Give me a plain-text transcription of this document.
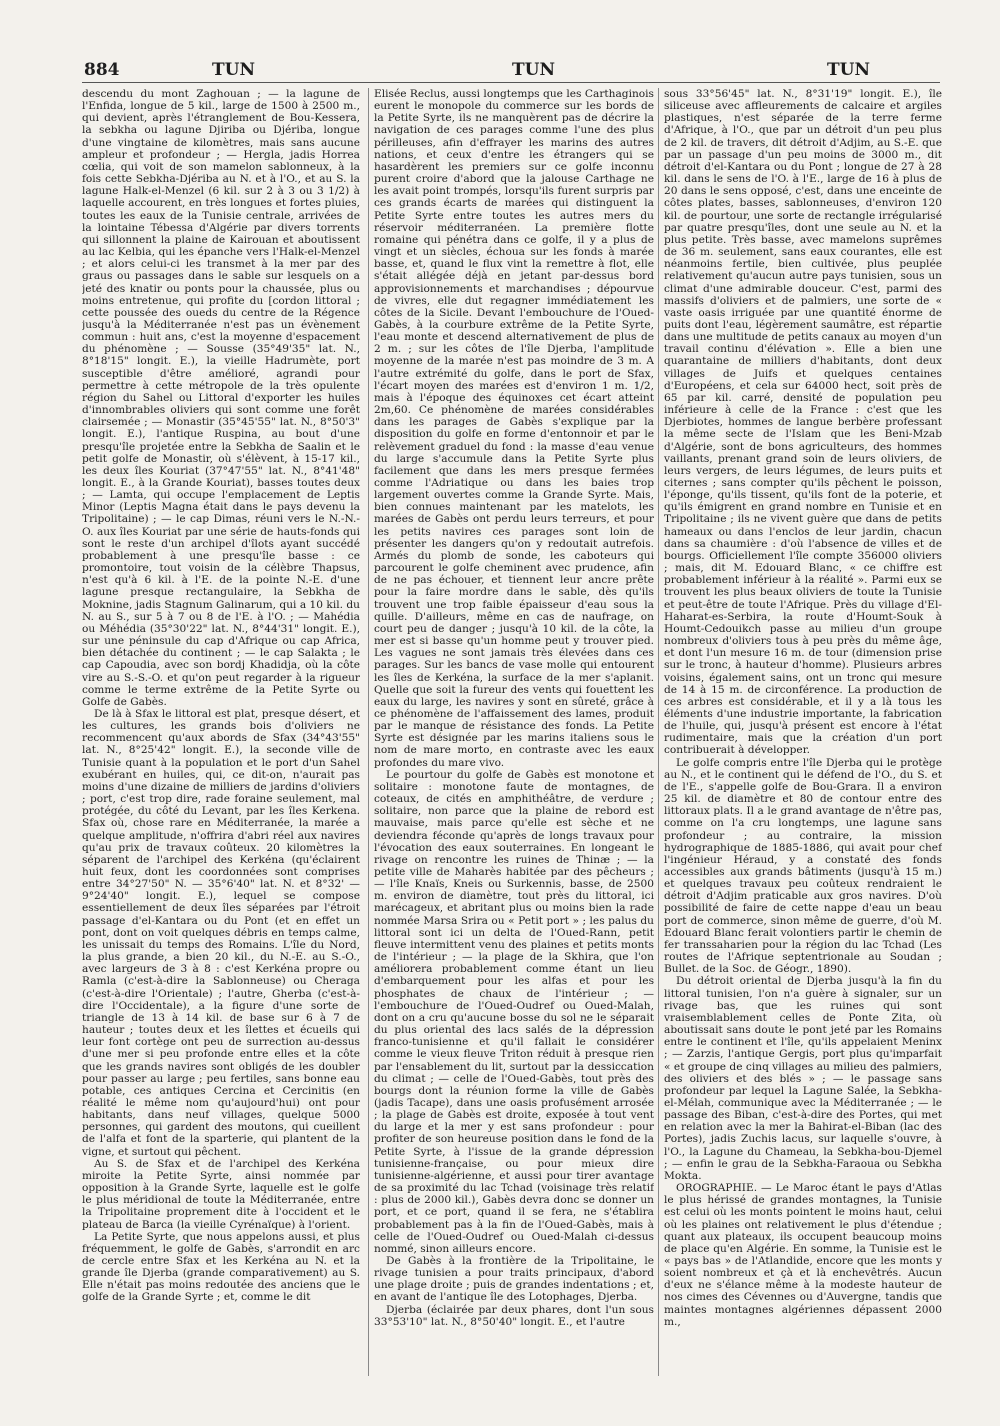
884	TUN	TUN	TUN

descendu du mont Zaghouan ; — la lagune de l'Enfida, longue de 5 kil., large de 1500 à 2500 m., qui devient, après l'étranglement de Bou-Kessera, la sebkha ou lagune Djiriba ou Djériba, longue d'une vingtaine de kilomètres, mais sans aucune ampleur et profondeur ; — Hergla, jadis Horrea cœlia, qui voit de son mamelon sablonneux, à la fois cette Sebkha-Djériba au N. et à l'O., et au S. la lagune Halk-el-Menzel (6 kil. sur 2 à 3 ou 3 1/2) à laquelle accourent, en très longues et fortes pluies, toutes les eaux de la Tunisie centrale, arrivées de la lointaine Tébessa d'Algérie par divers torrents qui sillonnent la plaine de Kairouan et aboutissent au lac Kelbia, qui les épanche vers l'Halk-el-Menzel ; et alors celui-ci les transmet à la mer par des graus ou passages dans le sable sur lesquels on a jeté des knatir ou ponts pour la chaussée, plus ou moins entretenue, qui profite du [cordon littoral ; cette poussée des oueds du centre de la Régence jusqu'à la Méditerranée n'est pas un évènement commun : huit ans, c'est la moyenne d'espacement du phénomène ; — Sousse (35°49'35" lat. N., 8°18'15" longit. E.), la vieille Hadrumète, port susceptible d'être amélioré, agrandi pour permettre à cette métropole de la très opulente région du Sahel ou Littoral d'exporter les huiles d'innombrables oliviers qui sont comme une forêt clairsemée ; — Monastir (35°45'55" lat. N., 8°50'3" longit. E.), l'antique Ruspina, au bout d'une presqu'île projetée entre la Sebkha de Saalin et le petit golfe de Monastir, où s'élèvent, à 15-17 kil., les deux îles Kouriat (37°47'55" lat. N., 8°41'48" longit. E., à la Grande Kouriat), basses toutes deux ; — Lamta, qui occupe l'emplacement de Leptis Minor (Leptis Magna était dans le pays devenu la Tripolitaine) ; — le cap Dimas, réuni vers le N.-N.-O. aux îles Kouriat par une série de hauts-fonds qui sont le reste d'un archipel d'îlots ayant succédé probablement à une presqu'île basse : ce promontoire, tout voisin de la célèbre Thapsus, n'est qu'à 6 kil. à l'E. de la pointe N.-E. d'une lagune presque rectangulaire, la Sebkha de Moknine, jadis Stagnum Galinarum, qui a 10 kil. du N. au S., sur 5 à 7 ou 8 de l'E. à l'O. ; — Mahédia ou Méhédia (35°30'22" lat. N., 8°44'31" longit. E.), sur une péninsule du cap d'Afrique ou cap Africa, bien détachée du continent ; — le cap Salakta ; le cap Capoudia, avec son bordj Khadidja, où la côte vire au S.-S.-O. et qu'on peut regarder à la rigueur comme le terme extrême de la Petite Syrte ou Golfe de Gabès.

De là à Sfax le littoral est plat, presque désert, et les cultures, les grands bois d'oliviers ne recommencent qu'aux abords de Sfax (34°43'55" lat. N., 8°25'42" longit. E.), la seconde ville de Tunisie quant à la population et le port d'un Sahel exubérant en huiles, qui, ce dit-on, n'aurait pas moins d'une dizaine de milliers de jardins d'oliviers ; port, c'est trop dire, rade foraine seulement, mal protégée, du côté du Levant, par les îles Kerkena. Sfax où, chose rare en Méditerranée, la marée a quelque amplitude, n'offrira d'abri réel aux navires qu'au prix de travaux coûteux. 20 kilomètres la séparent de l'archipel des Kerkéna (qu'éclairent huit feux, dont les coordonnées sont comprises entre 34°27'50" N. — 35°6'40" lat. N. et 8°32' — 9°24'40" longit. E.), lequel se compose essentiellement de deux îles séparées par l'étroit passage d'el-Kantara ou du Pont (et en effet un pont, dont on voit quelques débris en temps calme, les unissait du temps des Romains. L'île du Nord, la plus grande, a bien 20 kil., du N.-E. au S.-O., avec largeurs de 3 à 8 : c'est Kerkéna propre ou Ramla (c'est-à-dire la Sablonneuse) ou Cheraga (c'est-à-dire l'Orientale) ; l'autre, Gherba (c'est-à-dire l'Occidentale), a la figure d'une sorte de triangle de 13 à 14 kil. de base sur 6 à 7 de hauteur ; toutes deux et les îlettes et écueils qui leur font cortège ont peu de surrection au-dessus d'une mer si peu profonde entre elles et la côte que les grands navires sont obligés de les doubler pour passer au large ; peu fertiles, sans bonne eau potable, ces antiques Cercina et Cercinitis (en réalité le même nom qu'aujourd'hui) ont pour habitants, dans neuf villages, quelque 5000 personnes, qui gardent des moutons, qui cueillent de l'alfa et font de la sparterie, qui plantent de la vigne, et surtout qui pêchent.

Au S. de Sfax et de l'archipel des Kerkéna miroite la Petite Syrte, ainsi nommée par opposition à la Grande Syrte, laquelle est le golfe le plus méridional de toute la Méditerranée, entre la Tripolitaine proprement dite à l'occident et le plateau de Barca (la vieille Cyrénaïque) à l'orient.

La Petite Syrte, que nous appelons aussi, et plus fréquemment, le golfe de Gabès, s'arrondit en arc de cercle entre Sfax et les Kerkéna au N. et la grande île Djerba (grande comparativement) au S. Elle n'était pas moins redoutée des anciens que le golfe de la Grande Syrte ; et, comme le dit

Elisée Reclus, aussi longtemps que les Carthaginois eurent le monopole du commerce sur les bords de la Petite Syrte, ils ne manquèrent pas de décrire la navigation de ces parages comme l'une des plus périlleuses, afin d'effrayer les marins des autres nations, et ceux d'entre les étrangers qui se hasardèrent les premiers sur ce golfe inconnu purent croire d'abord que la jalouse Carthage ne les avait point trompés, lorsqu'ils furent surpris par ces grands écarts de marées qui distinguent la Petite Syrte entre toutes les autres mers du réservoir méditerranéen. La première flotte romaine qui pénétra dans ce golfe, il y a plus de vingt et un siècles, échoua sur les fonds à marée basse, et, quand le flux vint la remettre à flot, elle s'était allégée déjà en jetant par-dessus bord approvisionnements et marchandises ; dépourvue de vivres, elle dut regagner immédiatement les côtes de la Sicile. Devant l'embouchure de l'Oued-Gabès, à la courbure extrême de la Petite Syrte, l'eau monte et descend alternativement de plus de 2 m. ; sur les côtes de l'île Djerba, l'amplitude moyenne de la marée n'est pas moindre de 3 m. A l'autre extrémité du golfe, dans le port de Sfax, l'écart moyen des marées est d'environ 1 m. 1/2, mais à l'époque des équinoxes cet écart atteint 2m,60. Ce phénomène de marées considérables dans les parages de Gabès s'explique par la disposition du golfe en forme d'entonnoir et par le relèvement graduel du fond : la masse d'eau venue du large s'accumule dans la Petite Syrte plus facilement que dans les mers presque fermées comme l'Adriatique ou dans les baies trop largement ouvertes comme la Grande Syrte. Mais, bien connues maintenant par les matelots, les marées de Gabès ont perdu leurs terreurs, et pour les petits navires ces parages sont loin de présenter les dangers qu'on y redoutait autrefois. Armés du plomb de sonde, les caboteurs qui parcourent le golfe cheminent avec prudence, afin de ne pas échouer, et tiennent leur ancre prête pour la faire mordre dans le sable, dès qu'ils trouvent une trop faible épaisseur d'eau sous la quille. D'ailleurs, même en cas de naufrage, on court peu de danger ; jusqu'à 10 kil. de la côte, la mer est si basse qu'un homme peut y trouver pied. Les vagues ne sont jamais très élevées dans ces parages. Sur les bancs de vase molle qui entourent les îles de Kerkéna, la surface de la mer s'aplanit. Quelle que soit la fureur des vents qui fouettent les eaux du large, les navires y sont en sûreté, grâce à ce phénomène de l'affaissement des lames, produit par le manque de résistance des fonds. La Petite Syrte est désignée par les marins italiens sous le nom de mare morto, en contraste avec les eaux profondes du mare vivo.

Le pourtour du golfe de Gabès est monotone et solitaire : monotone faute de montagnes, de coteaux, de cités en amphithéâtre, de verdure ; solitaire, non parce que la plaine de rebord est mauvaise, mais parce qu'elle est sèche et ne deviendra féconde qu'après de longs travaux pour l'évocation des eaux souterraines. En longeant le rivage on rencontre les ruines de Thinæ ; — la petite ville de Maharès habitée par des pêcheurs ; — l'île Knaïs, Kneis ou Surkennis, basse, de 2500 m. environ de diamètre, tout près du littoral, ici marécageux, et abritant plus ou moins bien la rade nommée Marsa Srira ou « Petit port » ; les palus du littoral sont ici un delta de l'Oued-Rann, petit fleuve intermittent venu des plaines et petits monts de l'intérieur ; — la plage de la Skhira, que l'on améliorera probablement comme étant un lieu d'embarquement pour les alfas et pour les phosphates de chaux de l'intérieur ; — l'embouchure de l'Oued-Oudref ou Oued-Malah, dont on a cru qu'aucune bosse du sol ne le séparait du plus oriental des lacs salés de la dépression franco-tunisienne et qu'il fallait le considérer comme le vieux fleuve Triton réduit à presque rien par l'ensablement du lit, surtout par la dessiccation du climat ; — celle de l'Oued-Gabès, tout près des bourgs dont la réunion forme la ville de Gabès (jadis Tacape), dans une oasis profusément arrosée ; la plage de Gabès est droite, exposée à tout vent du large et la mer y est sans profondeur : pour profiter de son heureuse position dans le fond de la Petite Syrte, à l'issue de la grande dépression tunisienne-française, ou pour mieux dire tunisienne-algérienne, et aussi pour tirer avantage de sa proximité du lac Tchad (voisinage très relatif : plus de 2000 kil.), Gabès devra donc se donner un port, et ce port, quand il se fera, ne s'établira probablement pas à la fin de l'Oued-Gabès, mais à celle de l'Oued-Oudref ou Oued-Malah ci-dessus nommé, sinon ailleurs encore.

De Gabès à la frontière de la Tripolitaine, le rivage tunisien a pour traits principaux, d'abord une plage droite ; puis de grandes indentations ; et, en avant de l'antique île des Lotophages, Djerba.

Djerba (éclairée par deux phares, dont l'un sous 33°53'10" lat. N., 8°50'40" longit. E., et l'autre

sous 33°56'45" lat. N., 8°31'19" longit. E.), île siliceuse avec affleurements de calcaire et argiles plastiques, n'est séparée de la terre ferme d'Afrique, à l'O., que par un détroit d'un peu plus de 2 kil. de travers, dit détroit d'Adjim, au S.-E. que par un passage d'un peu moins de 3000 m., dit détroit d'el-Kantara ou du Pont ; longue de 27 à 28 kil. dans le sens de l'O. à l'E., large de 16 à plus de 20 dans le sens opposé, c'est, dans une enceinte de côtes plates, basses, sablonneuses, d'environ 120 kil. de pourtour, une sorte de rectangle irrégularisé par quatre presqu'îles, dont une seule au N. et la plus petite. Très basse, avec mamelons suprêmes de 36 m. seulement, sans eaux courantes, elle est néanmoins fertile, bien cultivée, plus peuplée relativement qu'aucun autre pays tunisien, sous un climat d'une admirable douceur. C'est, parmi des massifs d'oliviers et de palmiers, une sorte de « vaste oasis irriguée par une quantité énorme de puits dont l'eau, légèrement saumâtre, est répartie dans une multitude de petits canaux au moyen d'un travail continu d'élévation ». Elle a bien une quarantaine de milliers d'habitants, dont deux villages de Juifs et quelques centaines d'Européens, et cela sur 64000 hect, soit près de 65 par kil. carré, densité de population peu inférieure à celle de la France : c'est que les Djerbiotes, hommes de langue berbère professant la même secte de l'Islam que les Beni-Mzab d'Algérie, sont de bons agriculteurs, des hommes vaillants, prenant grand soin de leurs oliviers, de leurs vergers, de leurs légumes, de leurs puits et citernes ; sans compter qu'ils pêchent le poisson, l'éponge, qu'ils tissent, qu'ils font de la poterie, et qu'ils émigrent en grand nombre en Tunisie et en Tripolitaine ; ils ne vivent guère que dans de petits hameaux ou dans l'enclos de leur jardin, chacun dans sa chaumière : d'où l'absence de villes et de bourgs. Officiellement l'île compte 356000 oliviers ; mais, dit M. Edouard Blanc, « ce chiffre est probablement inférieur à la réalité ». Parmi eux se trouvent les plus beaux oliviers de toute la Tunisie et peut-être de toute l'Afrique. Près du village d'El-Haharat-es-Serbira, la route d'Houmt-Souk à Houmt-Cedouikch passe au milieu d'un groupe nombreux d'oliviers tous à peu près du même âge, et dont l'un mesure 16 m. de tour (dimension prise sur le tronc, à hauteur d'homme). Plusieurs arbres voisins, également sains, ont un tronc qui mesure de 14 à 15 m. de circonférence. La production de ces arbres est considérable, et il y a là tous les éléments d'une industrie importante, la fabrication de l'huile, qui, jusqu'à présent est encore à l'état rudimentaire, mais que la création d'un port contribuerait à développer.

Le golfe compris entre l'île Djerba qui le protège au N., et le continent qui le défend de l'O., du S. et de l'E., s'appelle golfe de Bou-Grara. Il a environ 25 kil. de diamètre et 80 de contour entre des littoraux plats. Il a le grand avantage de n'être pas, comme on l'a cru longtemps, une lagune sans profondeur ; au contraire, la mission hydrographique de 1885-1886, qui avait pour chef l'ingénieur Héraud, y a constaté des fonds accessibles aux grands bâtiments (jusqu'à 15 m.) et quelques travaux peu coûteux rendraient le détroit d'Adjim praticable aux gros navires. D'où possibilité de faire de cette nappe d'eau un beau port de commerce, sinon même de guerre, d'où M. Edouard Blanc ferait volontiers partir le chemin de fer transsaharien pour la région du lac Tchad (Les routes de l'Afrique septentrionale au Soudan ; Bullet. de la Soc. de Géogr., 1890).

Du détroit oriental de Djerba jusqu'à la fin du littoral tunisien, l'on n'a guère à signaler, sur un rivage bas, que les ruines qui sont vraisemblablement celles de Ponte Zita, où aboutissait sans doute le pont jeté par les Romains entre le continent et l'île, qu'ils appelaient Meninx ; — Zarzis, l'antique Gergis, port plus qu'imparfait « et groupe de cinq villages au milieu des palmiers, des oliviers et des blés » ; — le passage sans profondeur par lequel la Lagune Salée, la Sebkha-el-Mélah, communique avec la Méditerranée ; — le passage des Biban, c'est-à-dire des Portes, qui met en relation avec la mer la Bahirat-el-Biban (lac des Portes), jadis Zuchis lacus, sur laquelle s'ouvre, à l'O., la Lagune du Chameau, la Sebkha-bou-Djemel ; — enfin le grau de la Sebkha-Faraoua ou Sebkha Mokta.

OROGRAPHIE. — Le Maroc étant le pays d'Atlas le plus hérissé de grandes montagnes, la Tunisie est celui où les monts pointent le moins haut, celui où les plaines ont relativement le plus d'étendue ; quant aux plateaux, ils occupent beaucoup moins de place qu'en Algérie. En somme, la Tunisie est le « pays bas » de l'Atlandide, encore que les monts y soient nombreux et çà et là enchevêtrés. Aucun d'eux ne s'élance même à la modeste hauteur de nos cimes des Cévennes ou d'Auvergne, tandis que maintes montagnes algériennes dépassent 2000 m.,
